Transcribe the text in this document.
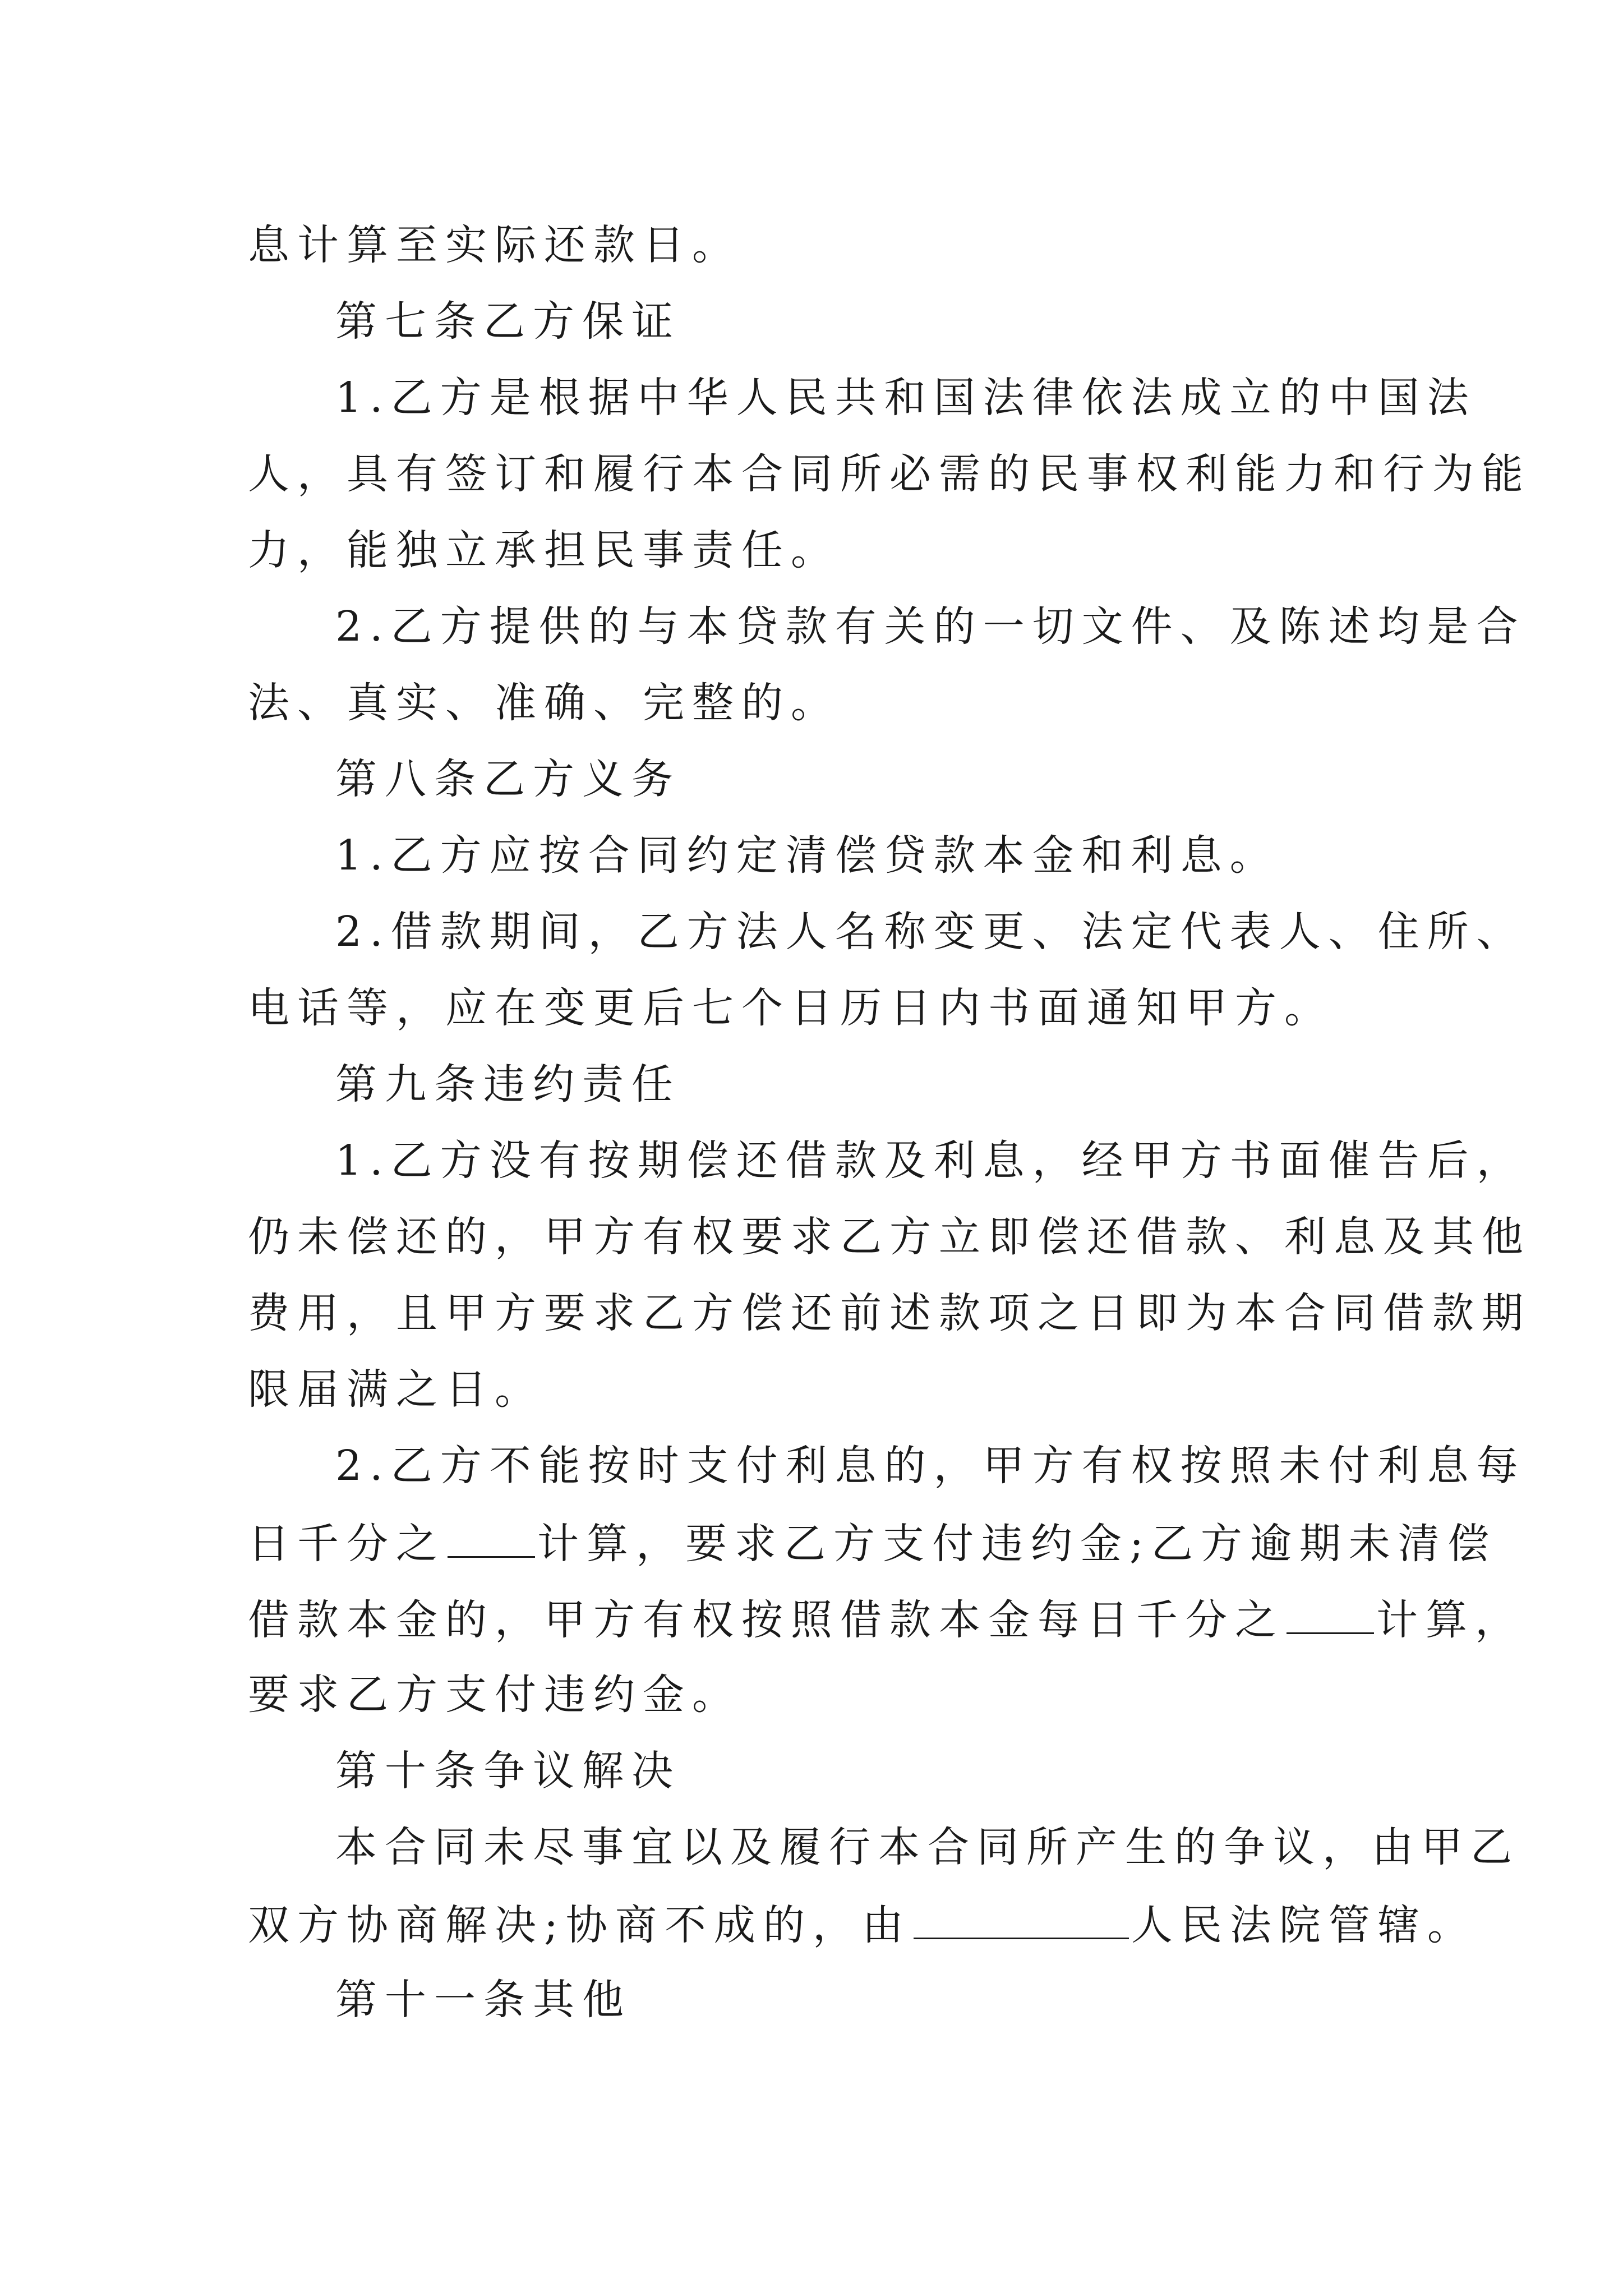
息计算至实际还款日。
第七条乙方保证
1.乙方是根据中华人民共和国法律依法成立的中国法
人，具有签订和履行本合同所必需的民事权利能力和行为能
力，能独立承担民事责任。
2.乙方提供的与本贷款有关的一切文件、及陈述均是合
法、真实、准确、完整的。
第八条乙方义务
1.乙方应按合同约定清偿贷款本金和利息。
2.借款期间，乙方法人名称变更、法定代表人、住所、
电话等，应在变更后七个日历日内书面通知甲方。
第九条违约责任
1.乙方没有按期偿还借款及利息，经甲方书面催告后，
仍未偿还的，甲方有权要求乙方立即偿还借款、利息及其他
费用，且甲方要求乙方偿还前述款项之日即为本合同借款期
限届满之日。
2.乙方不能按时支付利息的，甲方有权按照未付利息每
日千分之 计算，要求乙方支付违约金;乙方逾期未清偿
借款本金的，甲方有权按照借款本金每日千分之 计算，
要求乙方支付违约金。
第十条争议解决
本合同未尽事宜以及履行本合同所产生的争议，由甲乙
双方协商解决;协商不成的，由	人民法院管辖。
第十一条其他
